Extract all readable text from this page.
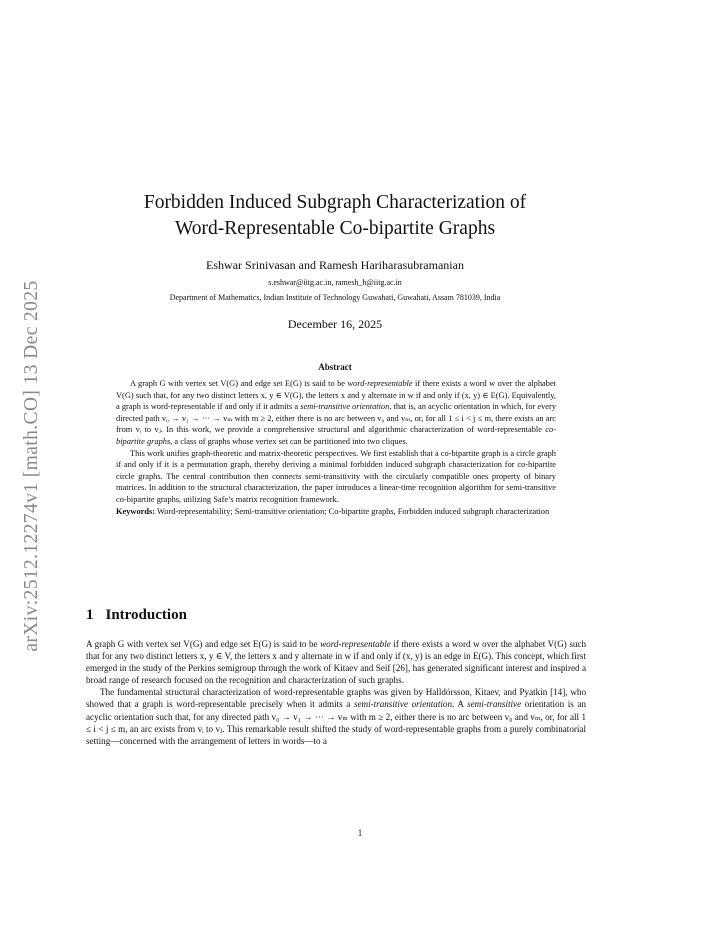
arXiv:2512.12274v1 [math.CO] 13 Dec 2025
Forbidden Induced Subgraph Characterization of
Word-Representable Co-bipartite Graphs
Eshwar Srinivasan and Ramesh Hariharasubramanian
s.eshwar@iitg.ac.in, ramesh_h@iitg.ac.in
Department of Mathematics, Indian Institute of Technology Guwahati, Guwahati, Assam 781039, India
December 16, 2025
Abstract

A graph G with vertex set V(G) and edge set E(G) is said to be word-representable if there exists a word w over the alphabet V(G) such that, for any two distinct letters x, y ∈ V(G), the letters x and y alternate in w if and only if (x, y) ∈ E(G). Equivalently, a graph is word-representable if and only if it admits a semi-transitive orientation, that is, an acyclic orientation in which, for every directed path v₀ → v₁ → ··· → vₘ with m ≥ 2, either there is no arc between v₀ and vₘ, or, for all 1 ≤ i < j ≤ m, there exists an arc from vᵢ to vⱼ. In this work, we provide a comprehensive structural and algorithmic characterization of word-representable co-bipartite graphs, a class of graphs whose vertex set can be partitioned into two cliques.

This work unifies graph-theoretic and matrix-theoretic perspectives. We first establish that a co-bipartite graph is a circle graph if and only if it is a permutation graph, thereby deriving a minimal forbidden induced subgraph characterization for co-bipartite circle graphs. The central contribution then connects semi-transitivity with the circularly compatible ones property of binary matrices. In addition to the structural characterization, the paper introduces a linear-time recognition algorithm for semi-transitive co-bipartite graphs, utilizing Safe’s matrix recognition framework.

Keywords: Word-representability; Semi-transitive orientation; Co-bipartite graphs, Forbidden induced subgraph characterization

1 Introduction

A graph G with vertex set V(G) and edge set E(G) is said to be word-representable if there exists a word w over the alphabet V(G) such that for any two distinct letters x, y ∈ V, the letters x and y alternate in w if and only if (x, y) is an edge in E(G). This concept, which first emerged in the study of the Perkins semigroup through the work of Kitaev and Seif [26], has generated significant interest and inspired a broad range of research focused on the recognition and characterization of such graphs.

The fundamental structural characterization of word-representable graphs was given by Halldórsson, Kitaev, and Pyatkin [14], who showed that a graph is word-representable precisely when it admits a semi-transitive orientation. A semi-transitive orientation is an acyclic orientation such that, for any directed path v₀ → v₁ → ··· → vₘ with m ≥ 2, either there is no arc between v₀ and vₘ, or, for all 1 ≤ i < j ≤ m, an arc exists from vᵢ to vⱼ. This remarkable result shifted the study of word-representable graphs from a purely combinatorial setting—concerned with the arrangement of letters in words—to a

1
